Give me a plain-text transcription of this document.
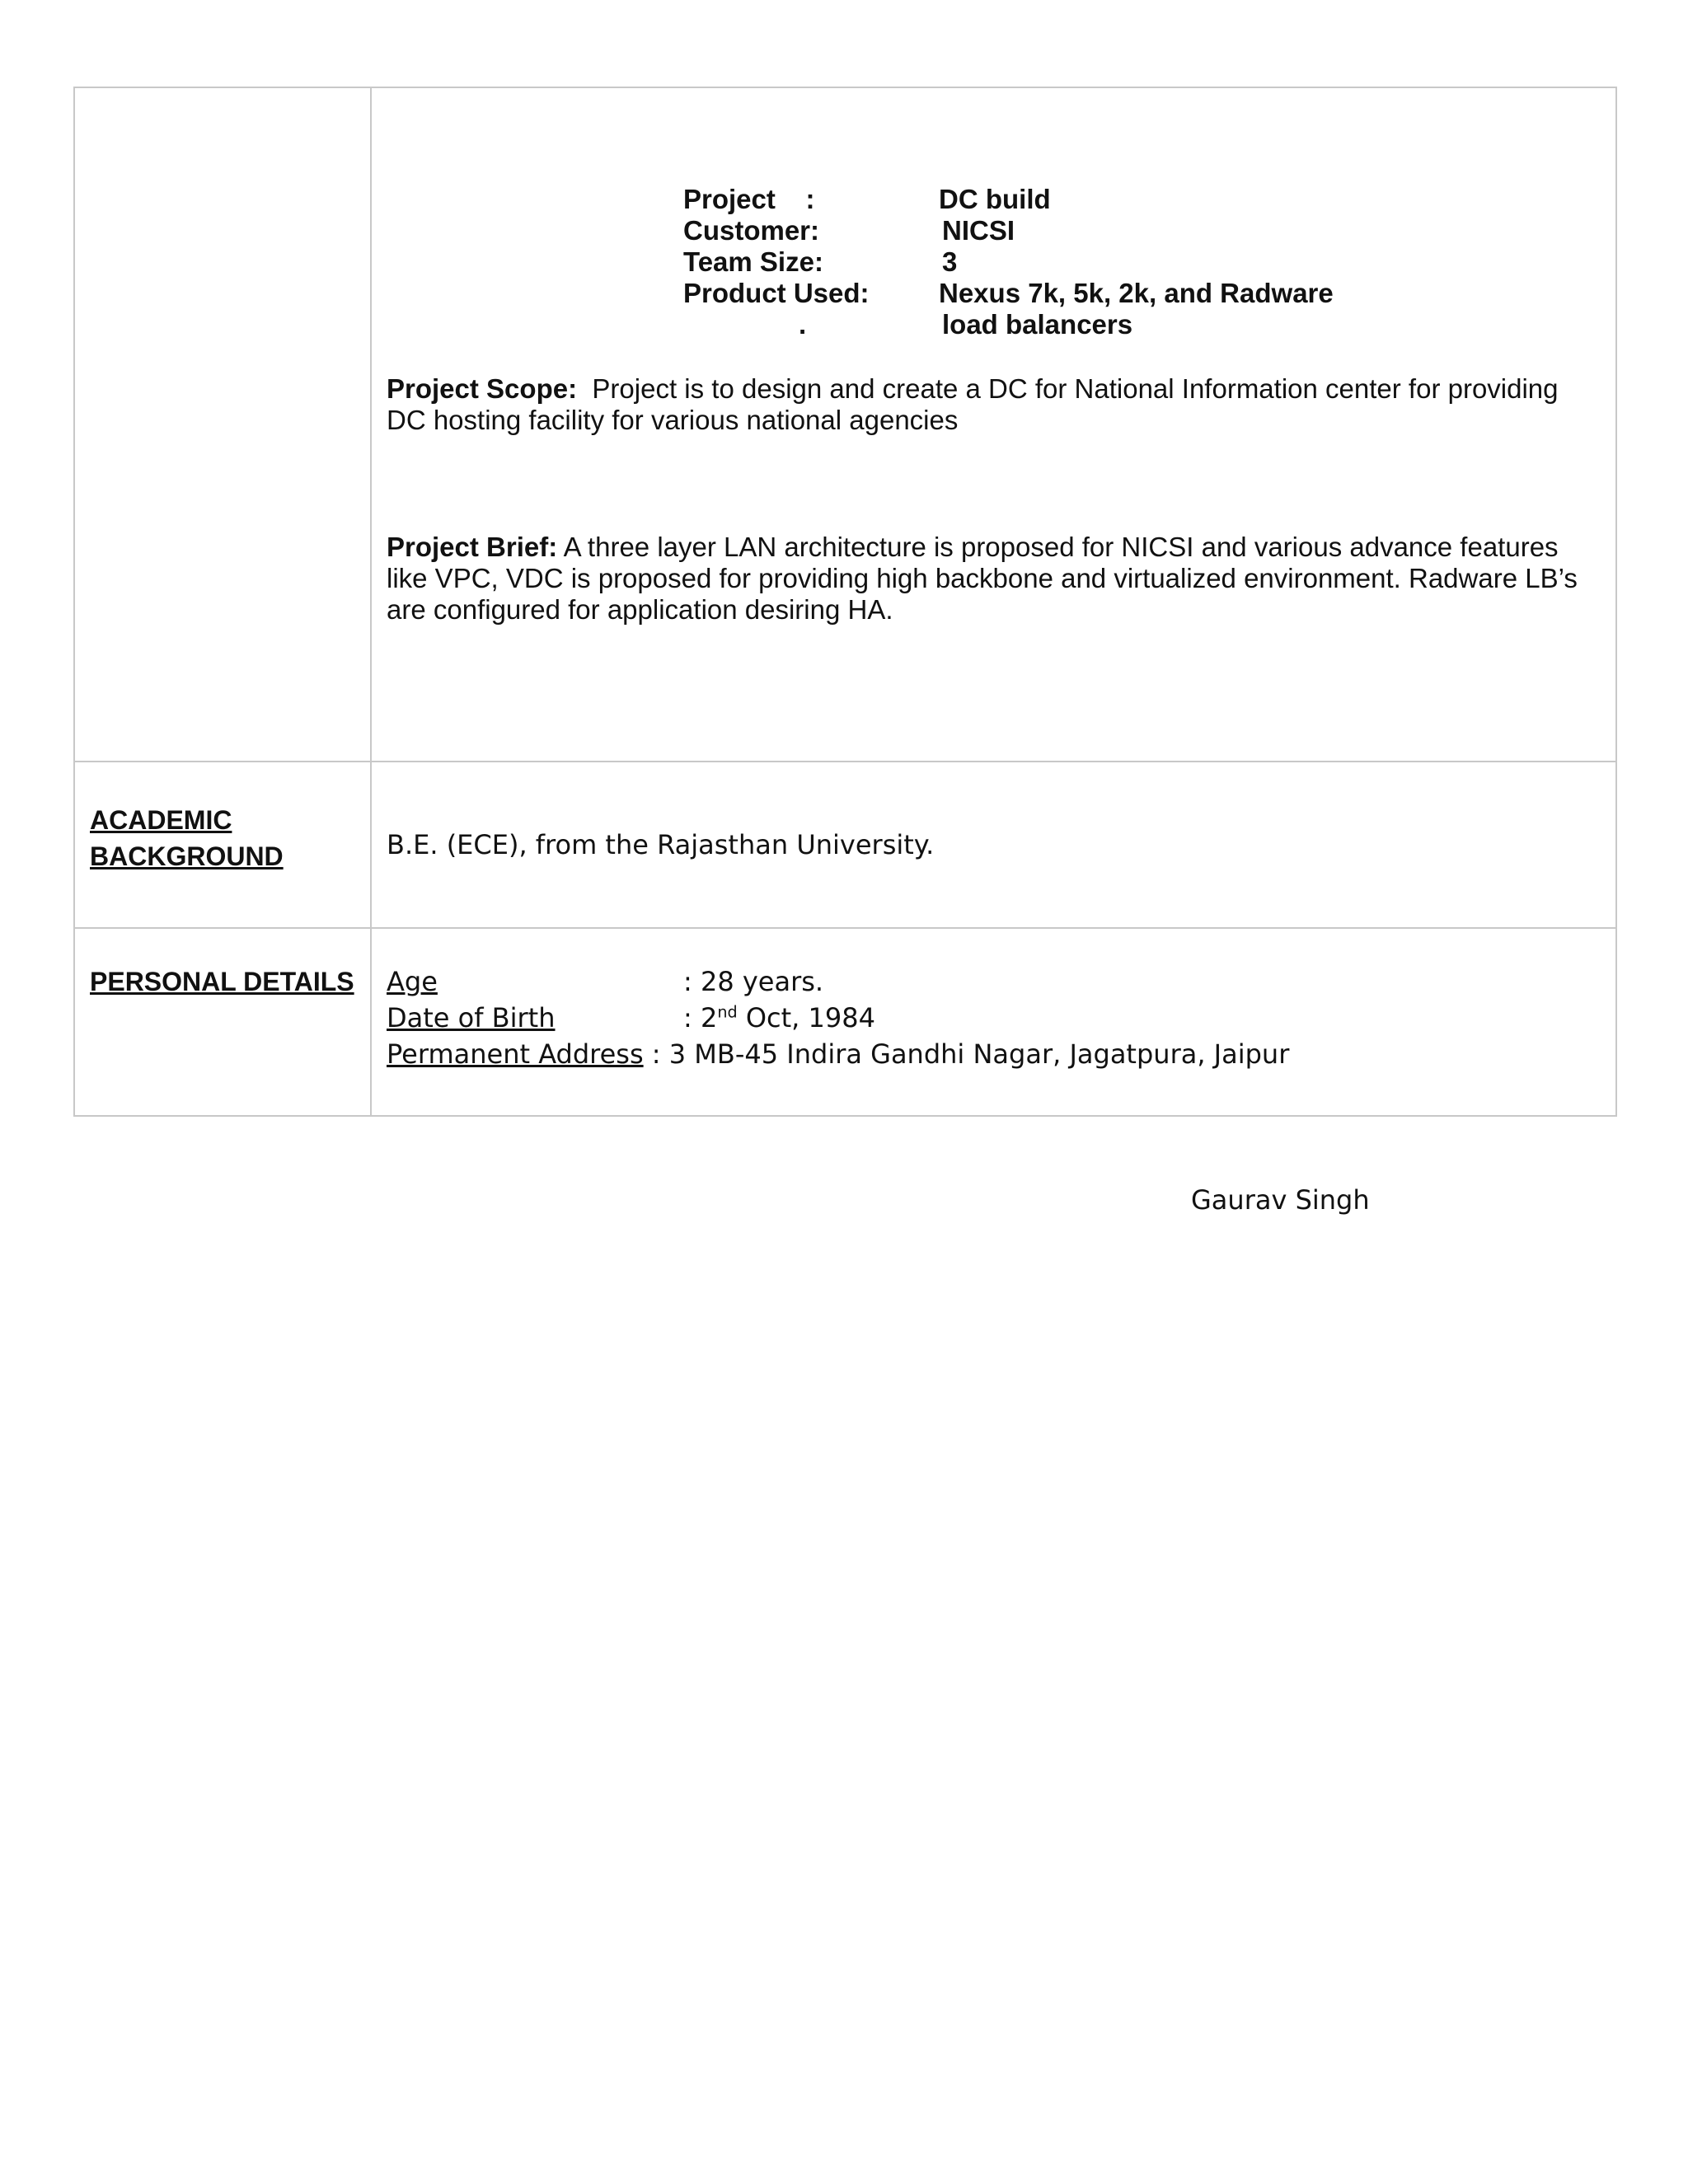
Project    :	DC build
Customer:	NICSI
Team Size:	3
Product Used:	Nexus 7k, 5k, 2k, and Radware
.	load balancers
Project Scope: Project is to design and create a DC for National Information center for providing DC hosting facility for various national agencies
Project Brief: A three layer LAN architecture is proposed for NICSI and various advance features like VPC, VDC is proposed for providing high backbone and virtualized environment. Radware LB’s are configured for application desiring HA.
ACADEMIC
BACKGROUND	B.E. (ECE), from the Rajasthan University.
PERSONAL DETAILS	Age	: 28 years.
Date of Birth	: 2nd Oct, 1984
Permanent Address : 3 MB-45 Indira Gandhi Nagar, Jagatpura, Jaipur
Gaurav Singh
